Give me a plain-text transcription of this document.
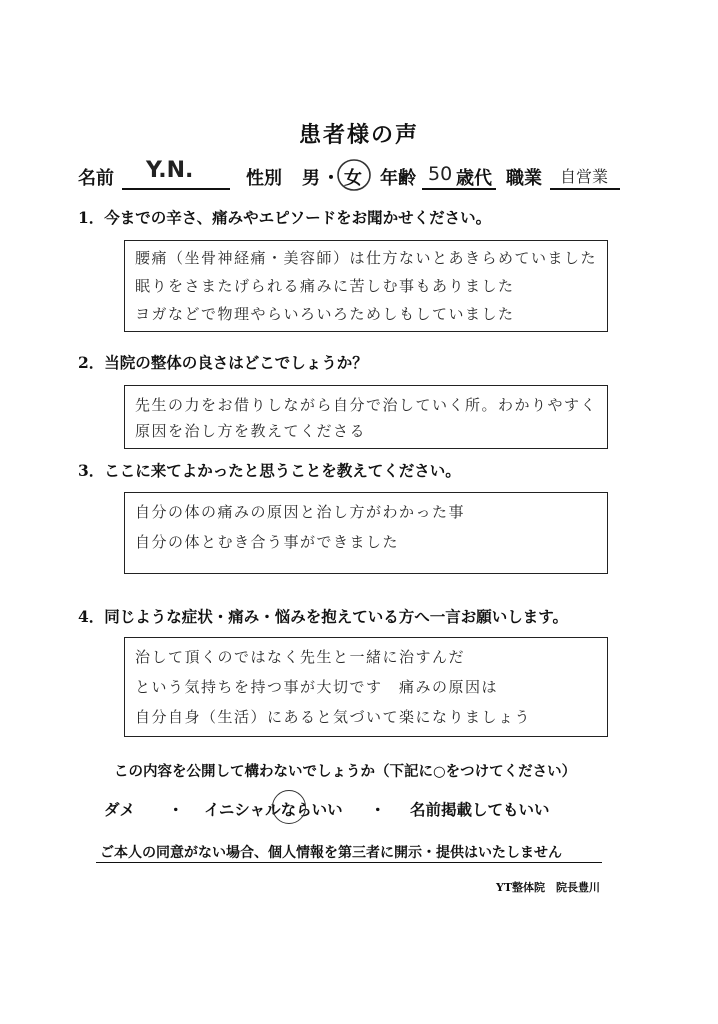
患者様の声
名前 Y.N.	性別 男 ・ 女 年齢 50 歳代 職業 自営業
1．今までの辛さ、痛みやエピソードをお聞かせください。
腰痛（坐骨神経痛・美容師）は仕方ないとあきらめていました
眠りをさまたげられる痛みに苦しむ事もありました
ヨガなどで物理やらいろいろためしもしていました
2．当院の整体の良さはどこでしょうか？
先生の力をお借りしながら自分で治していく所。わかりやすく
原因を治し方を教えてくださる
3．ここに来てよかったと思うことを教えてください。
自分の体の痛みの原因と治し方がわかった事
自分の体とむき合う事ができました
4．同じような症状・痛み・悩みを抱えている方へ一言お願いします。
治して頂くのではなく先生と一緒に治すんだ
という気持ちを持つ事が大切です　痛みの原因は
自分自身（生活）にあると気づいて楽になりましょう
この内容を公開して構わないでしょうか（下記に○をつけてください）
ダメ ・ イニシャルならいい ・ 名前掲載してもいい
ご本人の同意がない場合、個人情報を第三者に開示・提供はいたしません
YT整体院　院長豊川
